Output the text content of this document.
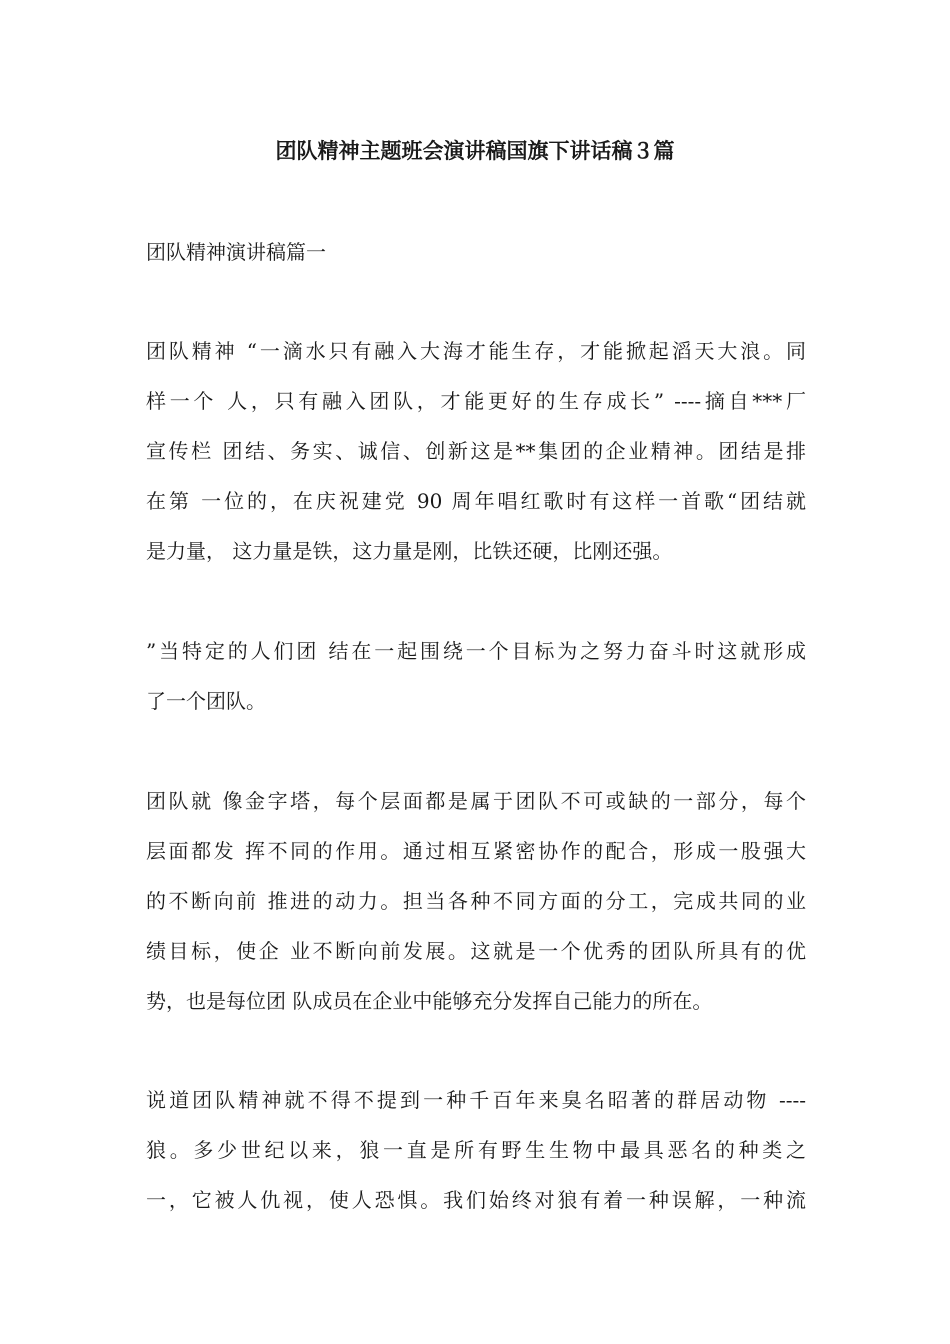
团队精神主题班会演讲稿国旗下讲话稿３篇
团队精神演讲稿篇一
团队精神 “一滴水只有融入大海才能生存，才能掀起滔天大浪。同
样一个 人，只有融入团队，才能更好的生存成长” ----摘自***厂
宣传栏 团结、务实、诚信、创新这是**集团的企业精神。团结是排
在第 一位的，在庆祝建党 90 周年唱红歌时有这样一首歌“团结就
是力量， 这力量是铁，这力量是刚，比铁还硬，比刚还强。
”当特定的人们团 结在一起围绕一个目标为之努力奋斗时这就形成
了一个团队。
团队就 像金字塔，每个层面都是属于团队不可或缺的一部分，每个
层面都发 挥不同的作用。通过相互紧密协作的配合，形成一股强大
的不断向前 推进的动力。担当各种不同方面的分工，完成共同的业
绩目标，使企 业不断向前发展。这就是一个优秀的团队所具有的优
势，也是每位团 队成员在企业中能够充分发挥自己能力的所在。
说道团队精神就不得不提到一种千百年来臭名昭著的群居动物 ----
狼。多少世纪以来，狼一直是所有野生生物中最具恶名的种类之
一，它被人仇视，使人恐惧。我们始终对狼有着一种误解，一种流
